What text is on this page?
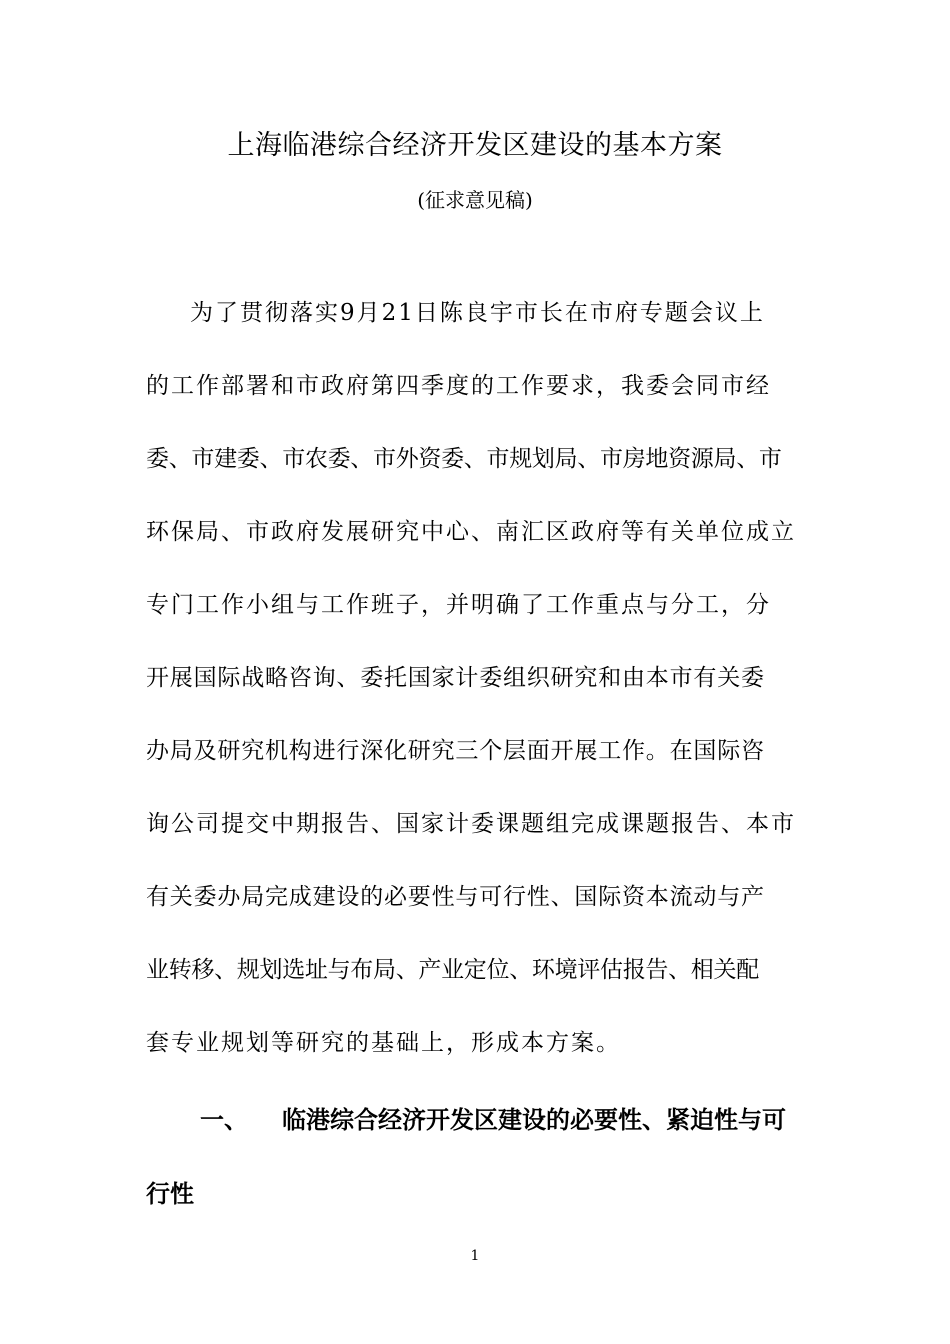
上海临港综合经济开发区建设的基本方案
(征求意见稿)
为了贯彻落实9月21日陈良宇市长在市府专题会议上
的工作部署和市政府第四季度的工作要求，我委会同市经
委、市建委、市农委、市外资委、市规划局、市房地资源局、市
环保局、市政府发展研究中心、南汇区政府等有关单位成立
专门工作小组与工作班子，并明确了工作重点与分工，分
开展国际战略咨询、委托国家计委组织研究和由本市有关委
办局及研究机构进行深化研究三个层面开展工作。在国际咨
询公司提交中期报告、国家计委课题组完成课题报告、本市
有关委办局完成建设的必要性与可行性、国际资本流动与产
业转移、规划选址与布局、产业定位、环境评估报告、相关配
套专业规划等研究的基础上，形成本方案。
一、 临港综合经济开发区建设的必要性、紧迫性与可
行性
1
